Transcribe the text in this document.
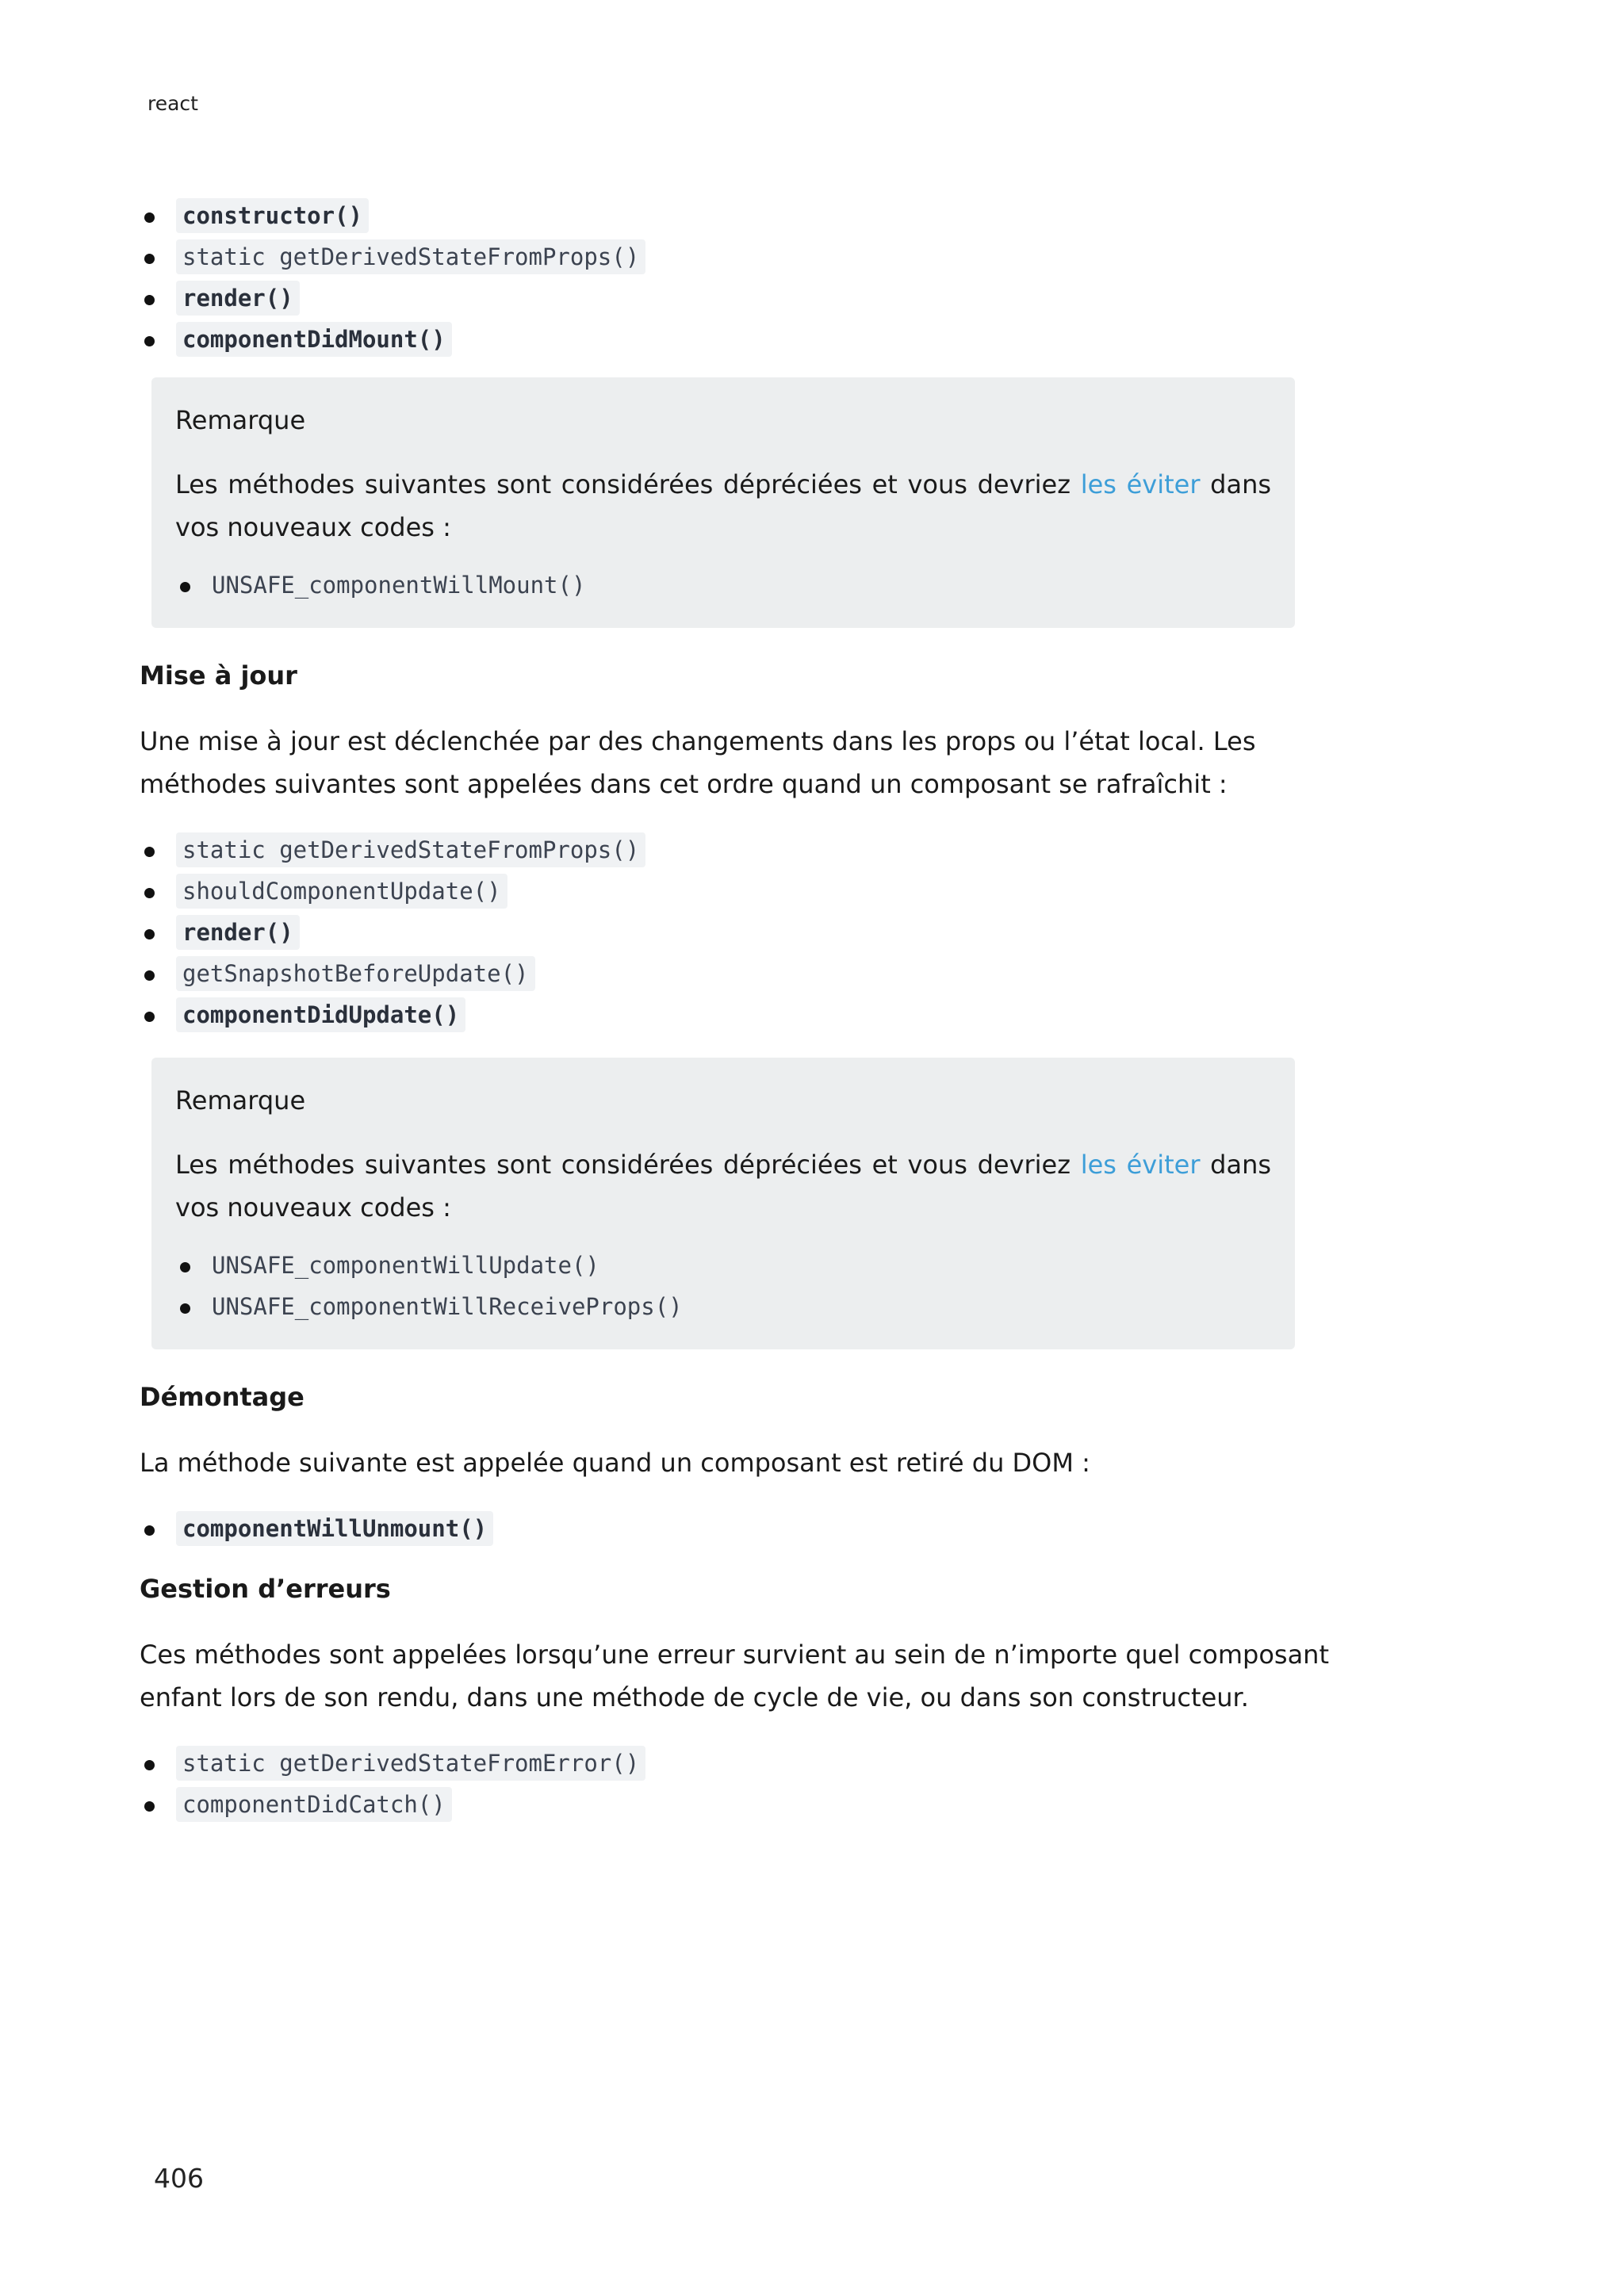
react
constructor()
static getDerivedStateFromProps()
render()
componentDidMount()
Remarque

Les méthodes suivantes sont considérées dépréciées et vous devriez les éviter dans vos nouveaux codes :

UNSAFE_componentWillMount()
Mise à jour

Une mise à jour est déclenchée par des changements dans les props ou l’état local. Les méthodes suivantes sont appelées dans cet ordre quand un composant se rafraîchit :

static getDerivedStateFromProps()
shouldComponentUpdate()
render()
getSnapshotBeforeUpdate()
componentDidUpdate()
Remarque

Les méthodes suivantes sont considérées dépréciées et vous devriez les éviter dans vos nouveaux codes :

UNSAFE_componentWillUpdate()
UNSAFE_componentWillReceiveProps()
Démontage

La méthode suivante est appelée quand un composant est retiré du DOM :

componentWillUnmount()
Gestion d’erreurs

Ces méthodes sont appelées lorsqu’une erreur survient au sein de n’importe quel composant enfant lors de son rendu, dans une méthode de cycle de vie, ou dans son constructeur.

static getDerivedStateFromError()
componentDidCatch()
406
